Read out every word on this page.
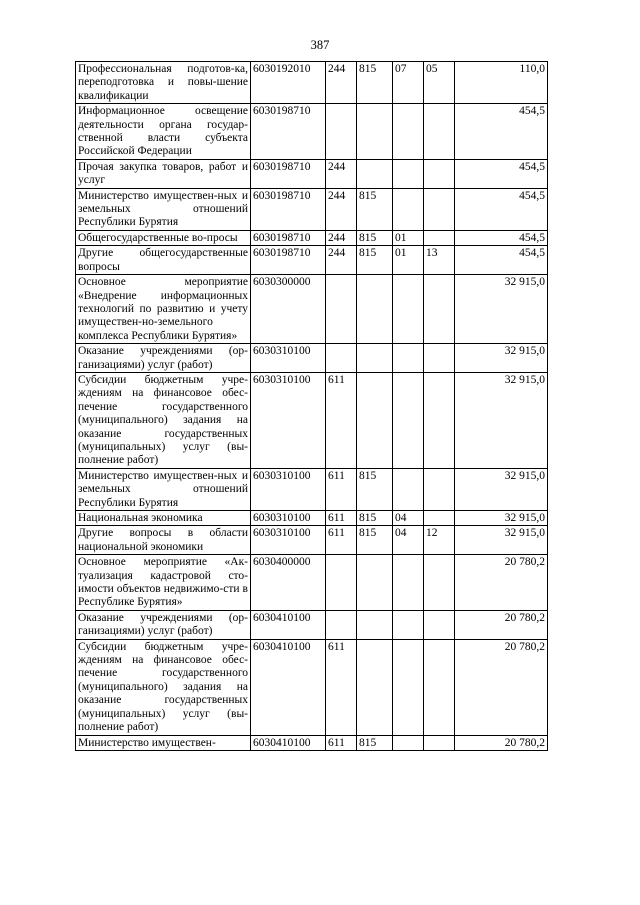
387
Профессиональная подготов-ка, переподготовка и повы-шение квалификации	6030192010	244	815	07	05	110,0
Информационное освещение деятельности органа государ-ственной власти субъекта Российской Федерации	6030198710					454,5
Прочая закупка товаров, работ и услуг	6030198710	244				454,5
Министерство имуществен-ных и земельных отношений Республики Бурятия	6030198710	244	815			454,5
Общегосударственные во-просы	6030198710	244	815	01		454,5
Другие общегосударственные вопросы	6030198710	244	815	01	13	454,5
Основное мероприятие «Внедрение информационных технологий по развитию и учету имуществен-но-земельного комплекса Республики Бурятия»	6030300000					32 915,0
Оказание учреждениями (ор-ганизациями) услуг (работ)	6030310100					32 915,0
Субсидии бюджетным учре-ждениям на финансовое обес-печение государственного (муниципального) задания на оказание государственных (муниципальных) услуг (вы-полнение работ)	6030310100	611				32 915,0
Министерство имуществен-ных и земельных отношений Республики Бурятия	6030310100	611	815			32 915,0
Национальная экономика	6030310100	611	815	04		32 915,0
Другие вопросы в области национальной экономики	6030310100	611	815	04	12	32 915,0
Основное мероприятие «Ак-туализация кадастровой сто-имости объектов недвижимо-сти в Республике Бурятия»	6030400000					20 780,2
Оказание учреждениями (ор-ганизациями) услуг (работ)	6030410100					20 780,2
Субсидии бюджетным учре-ждениям на финансовое обес-печение государственного (муниципального) задания на оказание государственных (муниципальных) услуг (вы-полнение работ)	6030410100	611				20 780,2
Министерство имуществен-	6030410100	611	815			20 780,2
